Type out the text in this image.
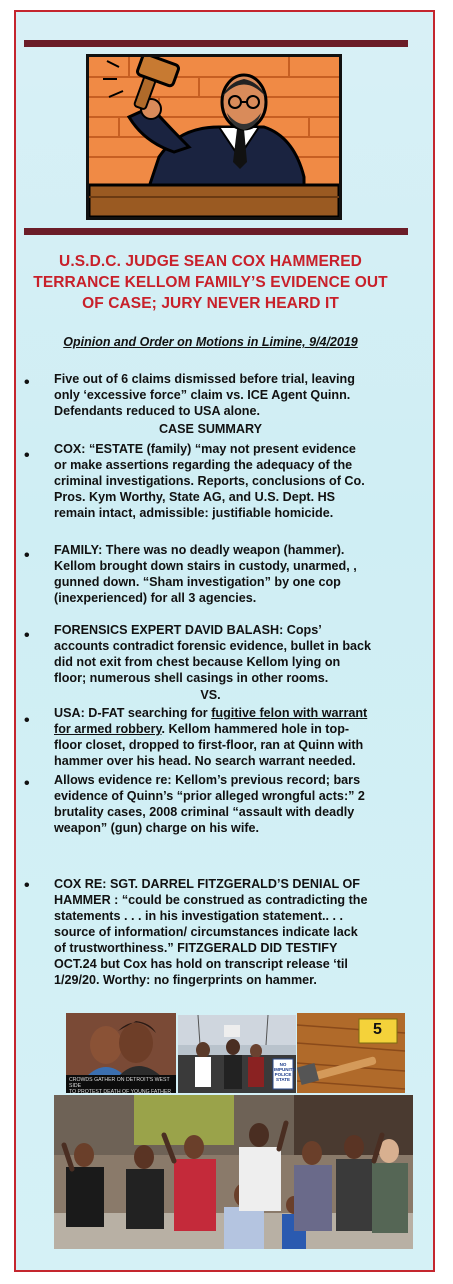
U.S.D.C. JUDGE SEAN COX HAMMERED
TERRANCE KELLOM FAMILY’S EVIDENCE OUT
OF CASE; JURY NEVER HEARD IT
Opinion and Order on Motions in Limine, 9/4/2019
• Five out of 6 claims dismissed before trial, leaving
only ‘excessive force” claim vs. ICE Agent Quinn.
Defendants reduced to USA alone.
CASE SUMMARY
• COX: “ESTATE (family) “may not present evidence
or make assertions regarding the adequacy of the
criminal investigations. Reports, conclusions of Co.
Pros. Kym Worthy, State AG, and U.S. Dept. HS
remain intact, admissible: justifiable homicide.
• FAMILY: There was no deadly weapon (hammer).
Kellom brought down stairs in custody, unarmed, ,
gunned down. “Sham investigation” by one cop
(inexperienced) for all 3 agencies.
• FORENSICS EXPERT DAVID BALASH: Cops’
accounts contradict forensic evidence, bullet in back
did not exit from chest because Kellom lying on
floor; numerous shell casings in other rooms.
VS.
• USA: D-FAT searching for fugitive felon with warrant
for armed robbery. Kellom hammered hole in top-
floor closet, dropped to first-floor, ran at Quinn with
hammer over his head. No search warrant needed.
• Allows evidence re: Kellom’s previous record; bars
evidence of Quinn’s “prior alleged wrongful acts:” 2
brutality cases, 2008 criminal “assault with deadly
weapon” (gun) charge on his wife.
• COX RE: SGT. DARREL FITZGERALD’S DENIAL OF
HAMMER : “could be construed as contradicting the
statements . . . in his investigation statement.. . .
source of information/ circumstances indicate lack
of trustworthiness.” FITZGERALD DID TESTIFY
OCT.24 but Cox has hold on transcript release ‘til
1/29/20. Worthy: no fingerprints on hammer.
CROWDS GATHER ON DETROIT'S WEST SIDE
TO PROTEST DEATH OF YOUNG FATHER
NO IMPUNITY POLICE STATE
5
